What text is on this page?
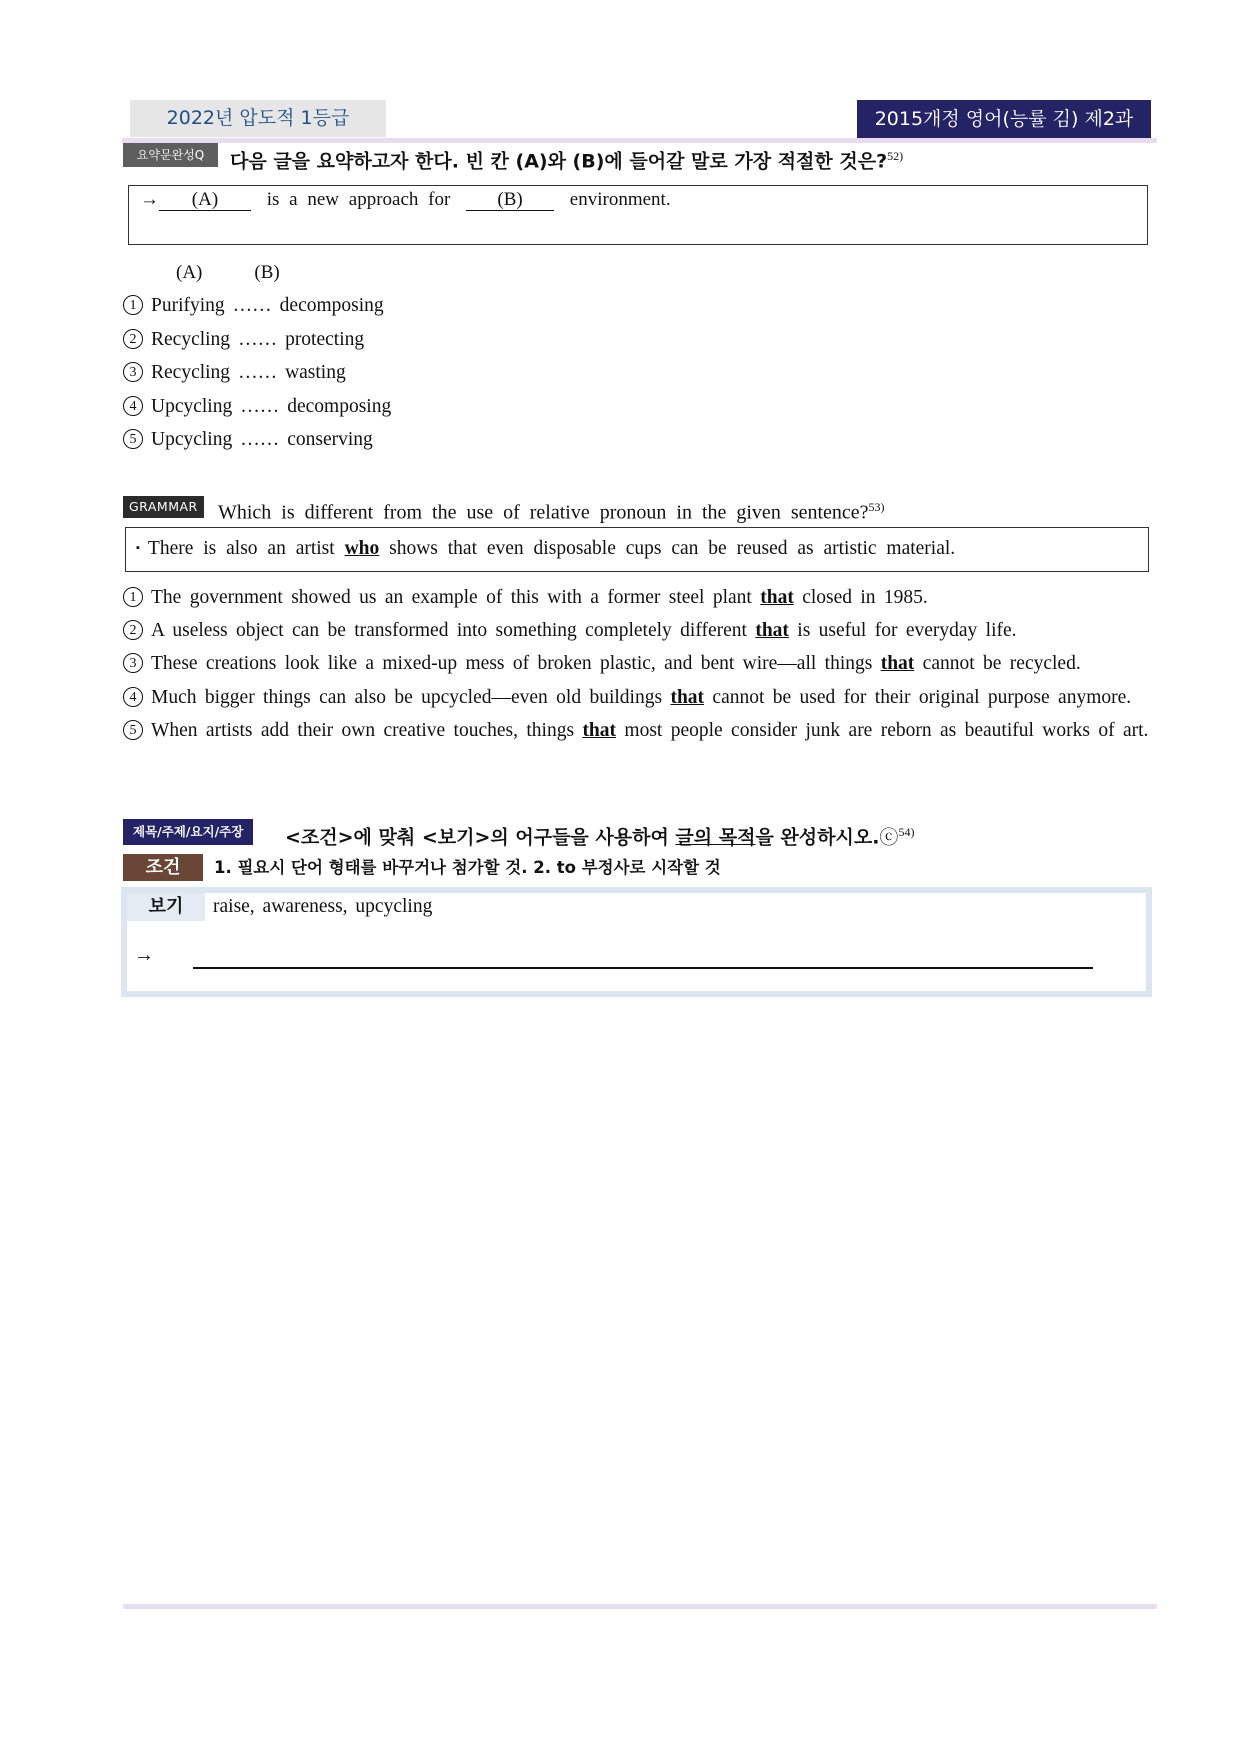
2022년 압도적 1등급	2015개정 영어(능률 김) 제2과
요약문완성Q	다음 글을 요약하고자 한다. 빈 칸 (A)와 (B)에 들어갈 말로 가장 적절한 것은?$^{52)}$
→ (A)	is a new approach for (B) environment.
(A)	(B)
1 Purifying …… decomposing
2 Recycling …… protecting
3 Recycling …… wasting
4 Upcycling …… decomposing
5 Upcycling …… conserving
GRAMMAR	Which is different from the use of relative pronoun in the given sentence?$^{53)}$
▪ There is also an artist who shows that even disposable cups can be reused as artistic material.
1 The government showed us an example of this with a former steel plant that closed in 1985.
2 A useless object can be transformed into something completely different that is useful for everyday life.
3 These creations look like a mixed-up mess of broken plastic, and bent wire—all things that cannot be recycled.
4 Much bigger things can also be upcycled—even old buildings that cannot be used for their original purpose anymore.
5 When artists add their own creative touches, things that most people consider junk are reborn as beautiful works of art.
제목/주제/요지/주장	<조건>에 맞춰 <보기>의 어구들을 사용하여 글의 목적을 완성하시오.ⓒ$^{54)}$
조건	1. 필요시 단어 형태를 바꾸거나 첨가할 것. 2. to 부정사로 시작할 것
보기	raise, awareness, upcycling
→
